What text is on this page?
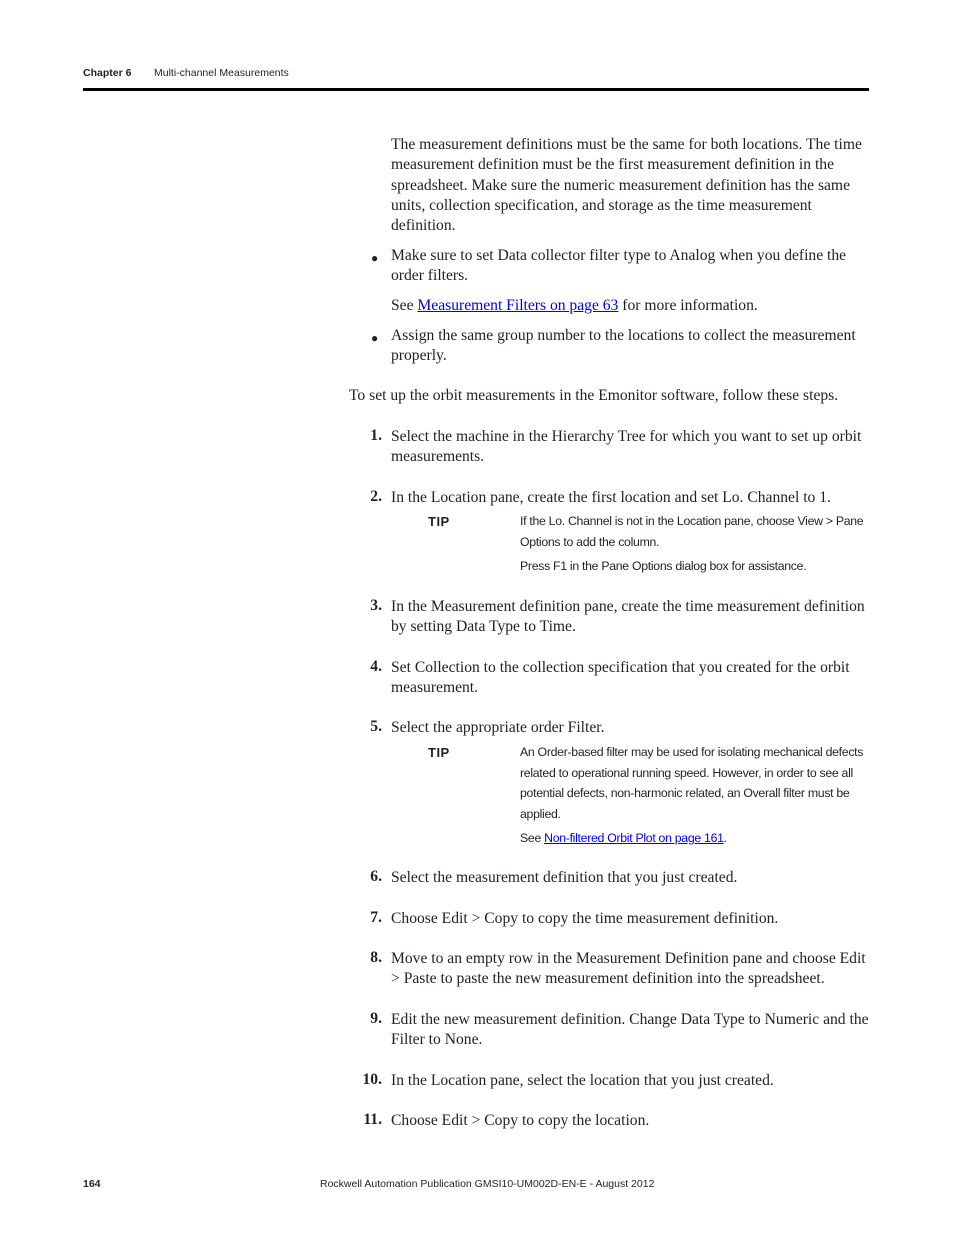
Chapter 6 Multi-channel Measurements
The measurement definitions must be the same for both locations. The time measurement definition must be the first measurement definition in the spreadsheet. Make sure the numeric measurement definition has the same units, collection specification, and storage as the time measurement definition.
● Make sure to set Data collector filter type to Analog when you define the order filters.
See Measurement Filters on page 63 for more information.
● Assign the same group number to the locations to collect the measurement properly.
To set up the orbit measurements in the Emonitor software, follow these steps.
1. Select the machine in the Hierarchy Tree for which you want to set up orbit measurements.
2. In the Location pane, create the first location and set Lo. Channel to 1.
TIP	If the Lo. Channel is not in the Location pane, choose View > Pane Options to add the column.
Press F1 in the Pane Options dialog box for assistance.
3. In the Measurement definition pane, create the time measurement definition by setting Data Type to Time.
4. Set Collection to the collection specification that you created for the orbit measurement.
5. Select the appropriate order Filter.
TIP	An Order-based filter may be used for isolating mechanical defects related to operational running speed. However, in order to see all potential defects, non-harmonic related, an Overall filter must be applied.
See Non-filtered Orbit Plot on page 161.
6. Select the measurement definition that you just created.
7. Choose Edit > Copy to copy the time measurement definition.
8. Move to an empty row in the Measurement Definition pane and choose Edit > Paste to paste the new measurement definition into the spreadsheet.
9. Edit the new measurement definition. Change Data Type to Numeric and the Filter to None.
10. In the Location pane, select the location that you just created.
11. Choose Edit > Copy to copy the location.
164	Rockwell Automation Publication GMSI10-UM002D-EN-E - August 2012
